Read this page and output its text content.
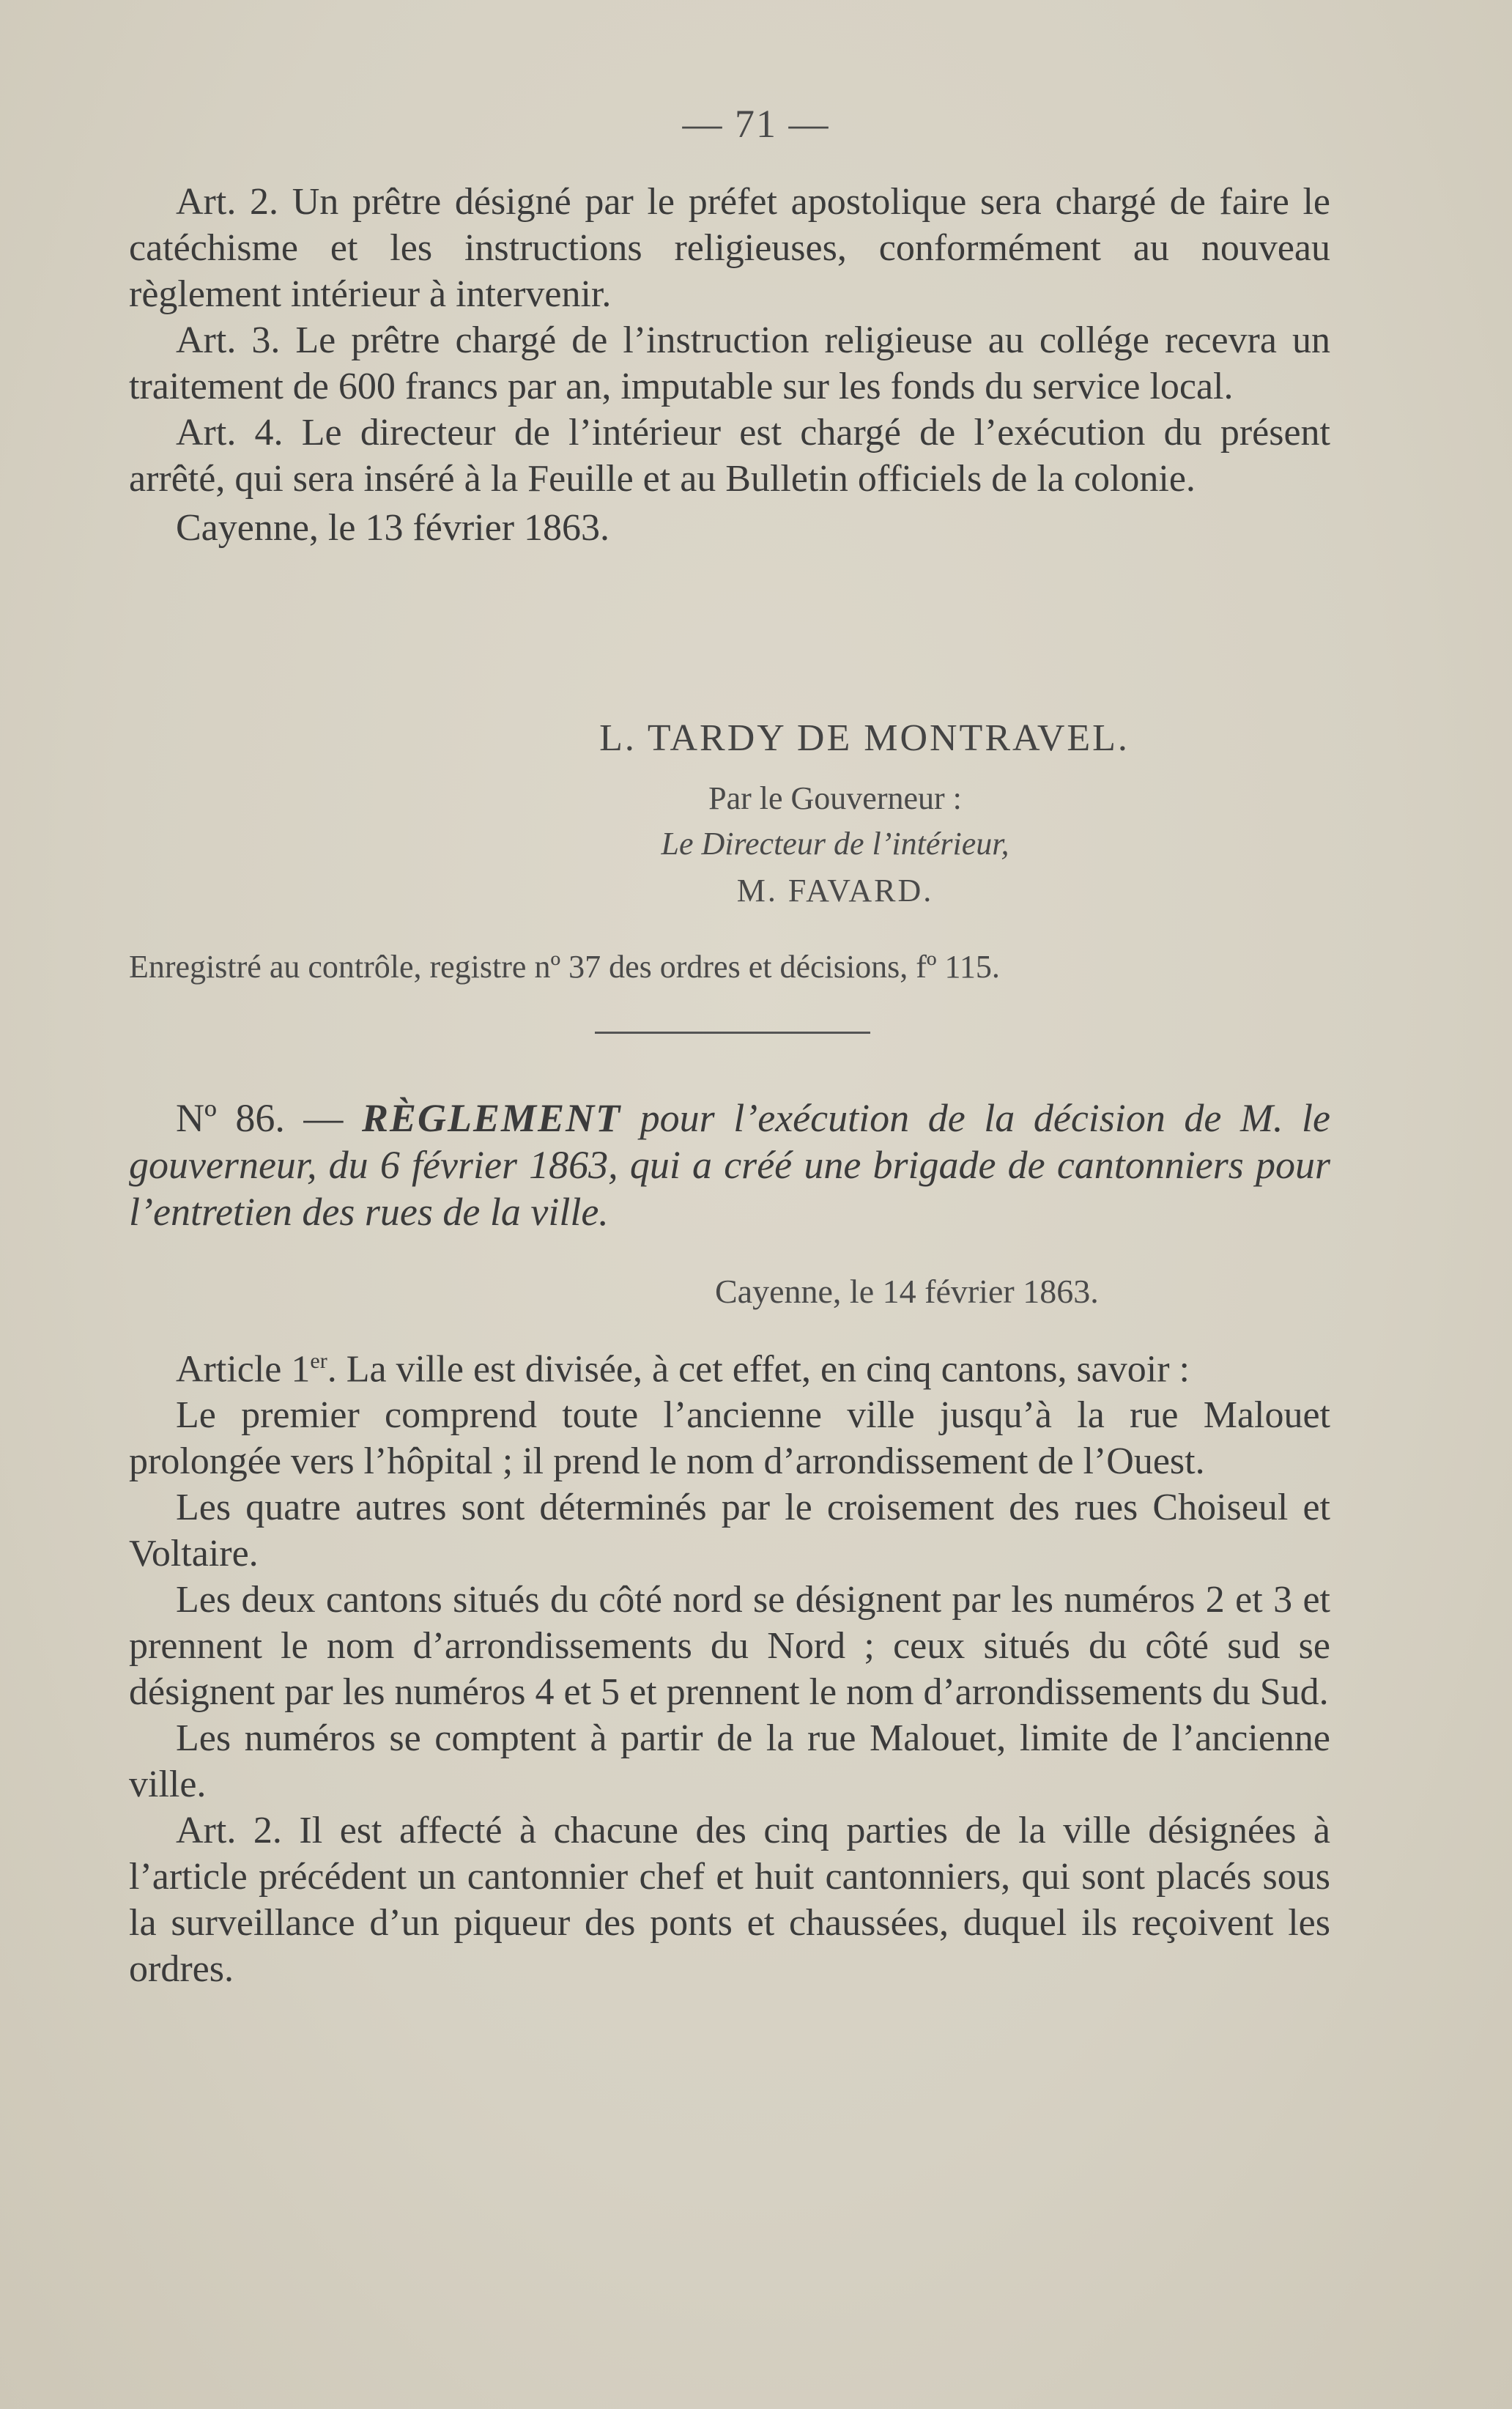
— 71 —

Art. 2. Un prêtre désigné par le préfet apostolique sera chargé de faire le catéchisme et les instructions religieuses, conformément au nouveau règlement intérieur à intervenir.

Art. 3. Le prêtre chargé de l’instruction religieuse au collége recevra un traitement de 600 francs par an, imputable sur les fonds du service local.

Art. 4. Le directeur de l’intérieur est chargé de l’exécution du présent arrêté, qui sera inséré à la Feuille et au Bulletin officiels de la colonie.

Cayenne, le 13 février 1863.

L. TARDY DE MONTRAVEL.
Par le Gouverneur :
Le Directeur de l’intérieur,
M. FAVARD.
Enregistré au contrôle, registre nº 37 des ordres et décisions, fº 115.

Nº 86. — RÈGLEMENT pour l’exécution de la décision de M. le gouverneur, du 6 février 1863, qui a créé une brigade de cantonniers pour l’entretien des rues de la ville.

Cayenne, le 14 février 1863.

Article 1er. La ville est divisée, à cet effet, en cinq cantons, savoir :

Le premier comprend toute l’ancienne ville jusqu’à la rue Malouet prolongée vers l’hôpital ; il prend le nom d’arrondissement de l’Ouest.

Les quatre autres sont déterminés par le croisement des rues Choiseul et Voltaire.

Les deux cantons situés du côté nord se désignent par les numéros 2 et 3 et prennent le nom d’arrondissements du Nord ; ceux situés du côté sud se désignent par les numéros 4 et 5 et prennent le nom d’arrondissements du Sud.

Les numéros se comptent à partir de la rue Malouet, limite de l’ancienne ville.

Art. 2. Il est affecté à chacune des cinq parties de la ville désignées à l’article précédent un cantonnier chef et huit cantonniers, qui sont placés sous la surveillance d’un piqueur des ponts et chaussées, duquel ils reçoivent les ordres.
